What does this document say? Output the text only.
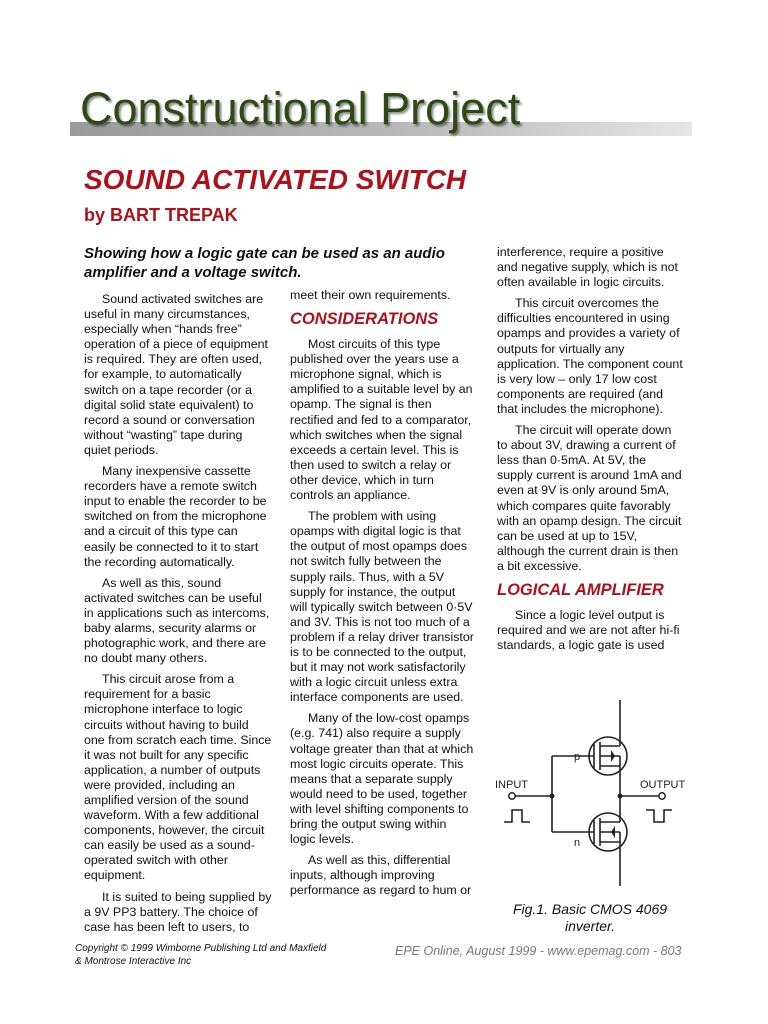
Constructional Project
SOUND ACTIVATED SWITCH
by BART TREPAK
Showing how a logic gate can be used as an audio amplifier and a voltage switch.

Sound activated switches are useful in many circumstances, especially when “hands free” operation of a piece of equipment is required. They are often used, for example, to automatically switch on a tape recorder (or a digital solid state equivalent) to record a sound or conversation without “wasting” tape during quiet periods.

Many inexpensive cassette recorders have a remote switch input to enable the recorder to be switched on from the microphone and a circuit of this type can easily be connected to it to start the recording automatically.

As well as this, sound activated switches can be useful in applications such as intercoms, baby alarms, security alarms or photographic work, and there are no doubt many others.

This circuit arose from a requirement for a basic microphone interface to logic circuits without having to build one from scratch each time. Since it was not built for any specific application, a number of outputs were provided, including an amplified version of the sound waveform. With a few additional components, however, the circuit can easily be used as a sound-operated switch with other equipment.

It is suited to being supplied by a 9V PP3 battery. The choice of case has been left to users, to

meet their own requirements.

CONSIDERATIONS

Most circuits of this type published over the years use a microphone signal, which is amplified to a suitable level by an opamp. The signal is then rectified and fed to a comparator, which switches when the signal exceeds a certain level. This is then used to switch a relay or other device, which in turn controls an appliance.

The problem with using opamps with digital logic is that the output of most opamps does not switch fully between the supply rails. Thus, with a 5V supply for instance, the output will typically switch between 0·5V and 3V. This is not too much of a problem if a relay driver transistor is to be connected to the output, but it may not work satisfactorily with a logic circuit unless extra interface components are used.

Many of the low-cost opamps (e.g. 741) also require a supply voltage greater than that at which most logic circuits operate. This means that a separate supply would need to be used, together with level shifting components to bring the output swing within logic levels.

As well as this, differential inputs, although improving performance as regard to hum or

interference, require a positive and negative supply, which is not often available in logic circuits.

This circuit overcomes the difficulties encountered in using opamps and provides a variety of outputs for virtually any application. The component count is very low – only 17 low cost components are required (and that includes the microphone).

The circuit will operate down to about 3V, drawing a current of less than 0·5mA. At 5V, the supply current is around 1mA and even at 9V is only around 5mA, which compares quite favorably with an opamp design. The circuit can be used at up to 15V, although the current drain is then a bit excessive.

LOGICAL AMPLIFIER

Since a logic level output is required and we are not after hi-fi standards, a logic gate is used

INPUT	OUTPUT
p
n
Fig.1. Basic CMOS 4069 inverter.
Copyright © 1999 Wimborne Publishing Ltd and Maxfield & Montrose Interactive Inc
EPE Online, August 1999 - www.epemag.com - 803
